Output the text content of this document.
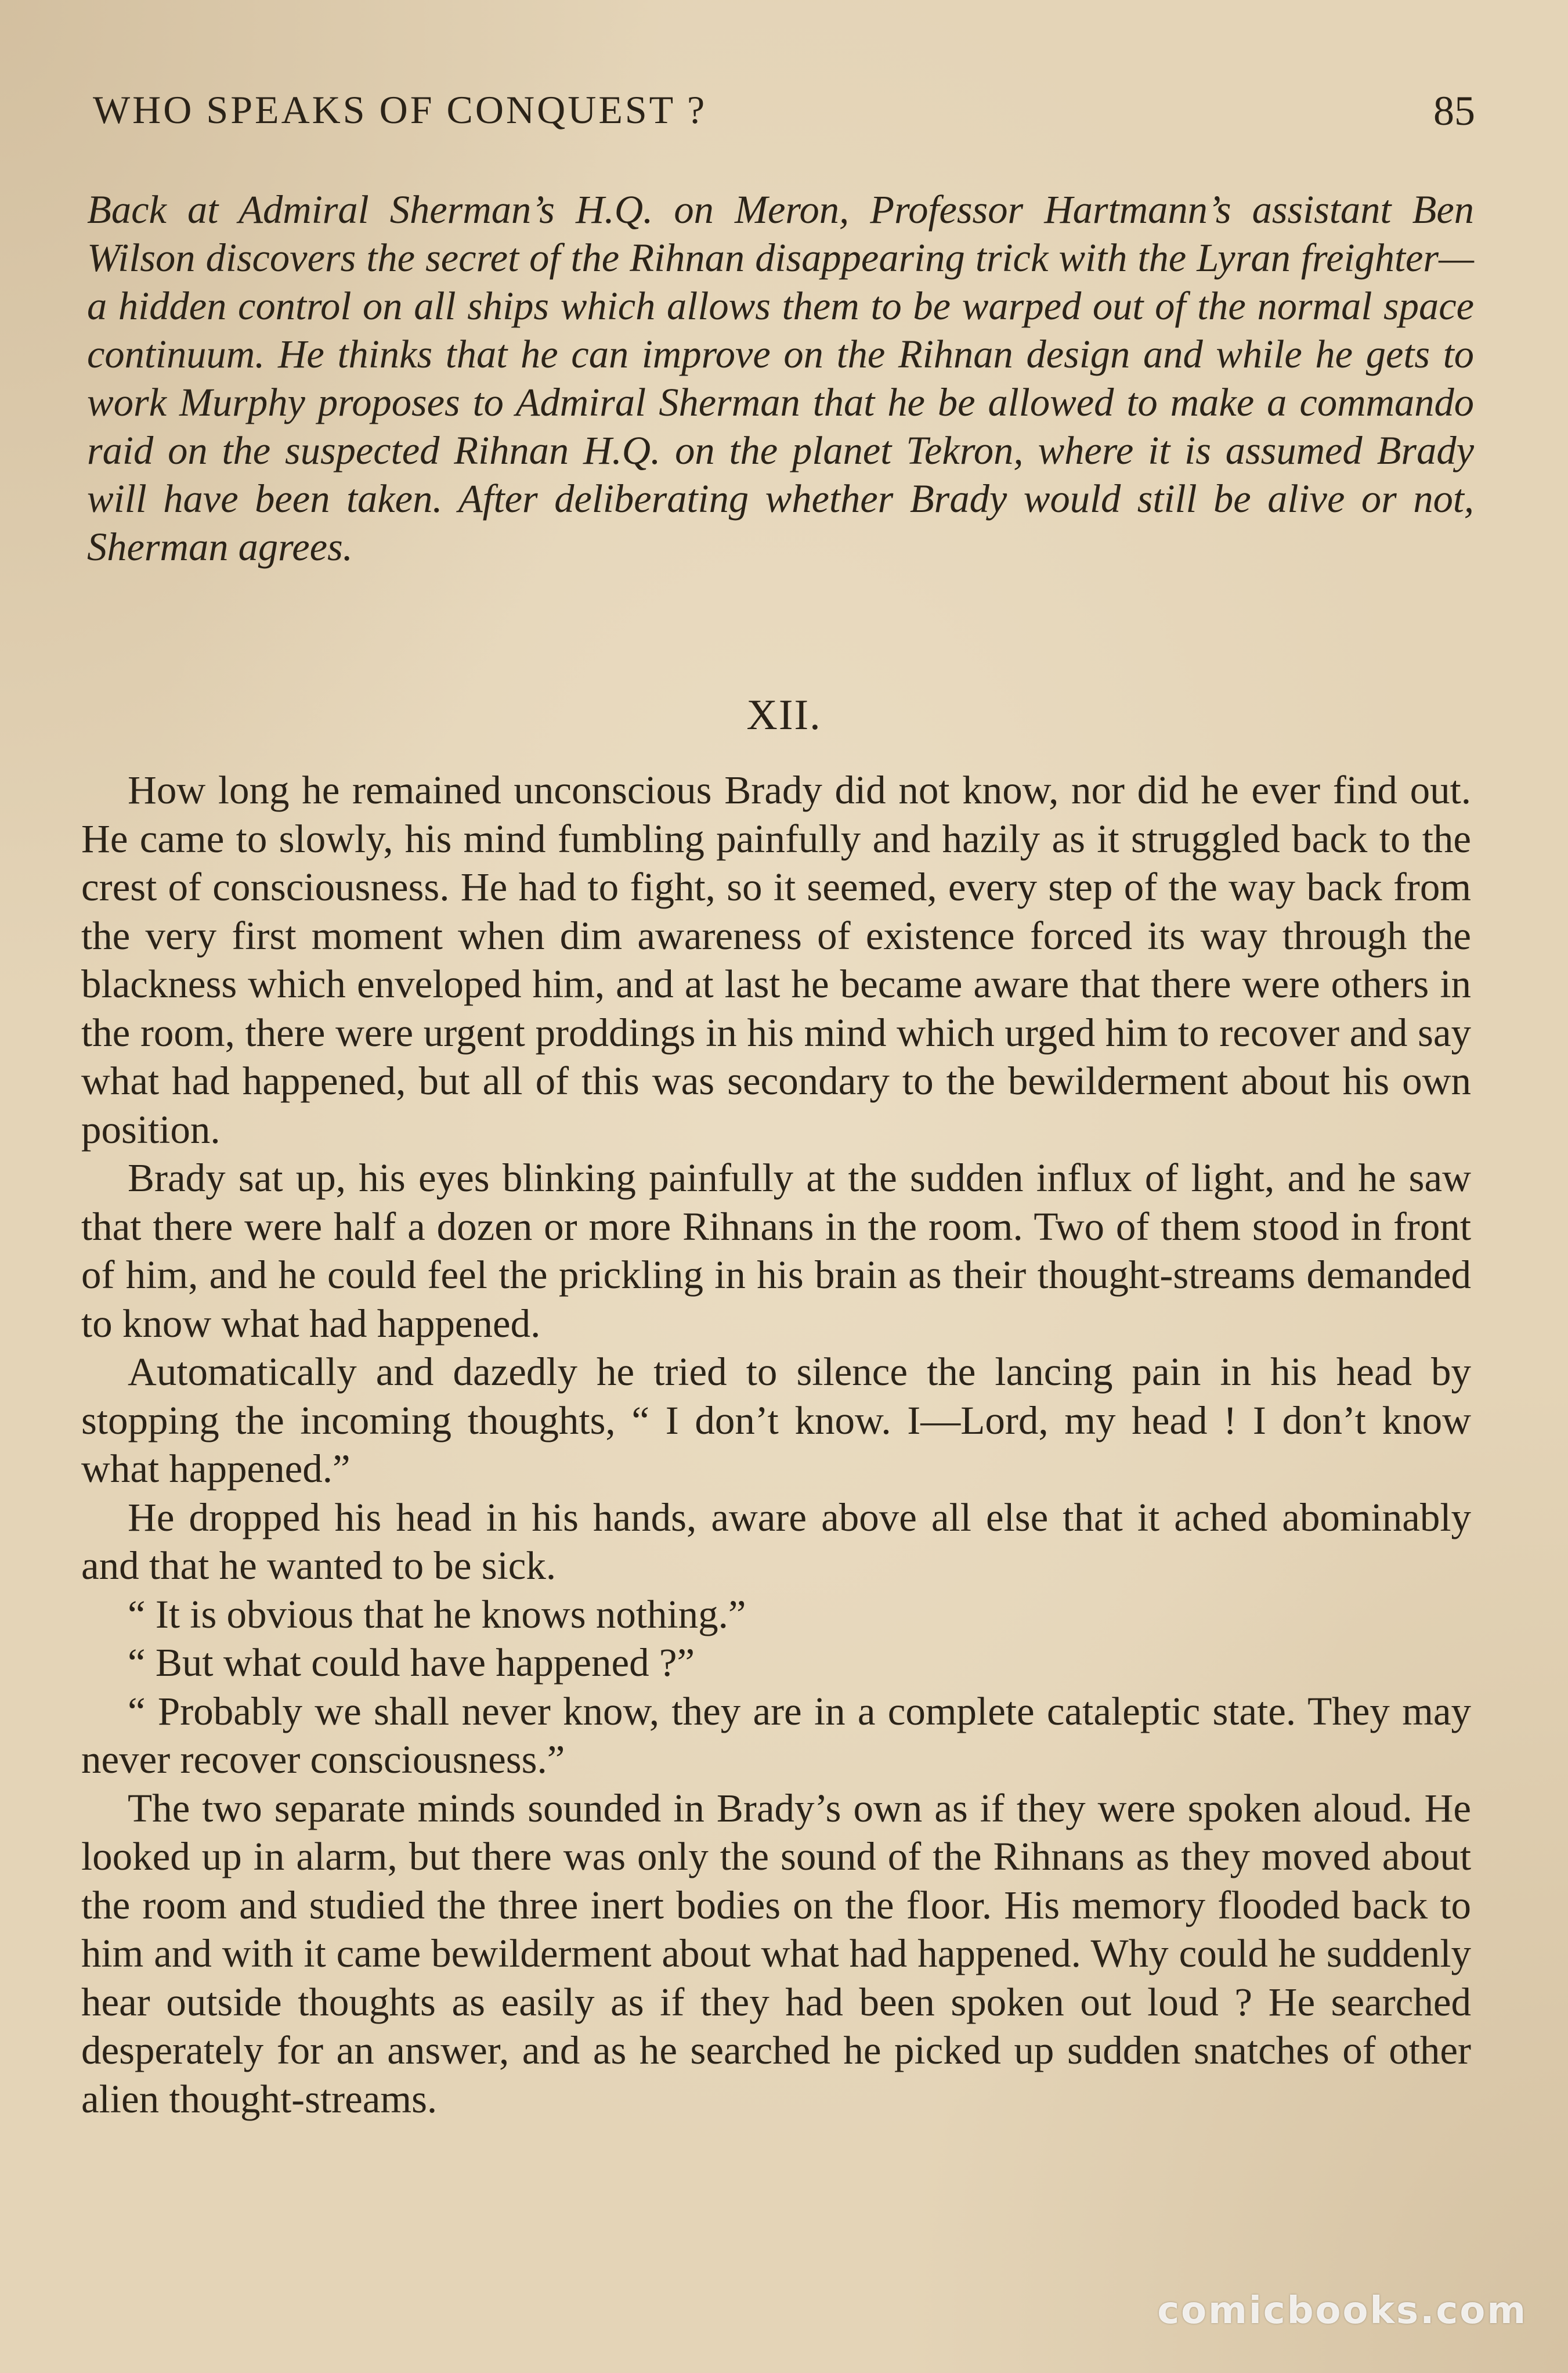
WHO SPEAKS OF CONQUEST ?	85

Back at Admiral Sherman’s H.Q. on Meron, Professor Hartmann’s assistant Ben Wilson discovers the secret of the Rihnan disappearing trick with the Lyran freighter—a hidden control on all ships which allows them to be warped out of the normal space continuum. He thinks that he can improve on the Rihnan design and while he gets to work Murphy proposes to Admiral Sherman that he be allowed to make a commando raid on the suspected Rihnan H.Q. on the planet Tekron, where it is assumed Brady will have been taken. After deliberating whether Brady would still be alive or not, Sherman agrees.

XII.

How long he remained unconscious Brady did not know, nor did he ever find out. He came to slowly, his mind fumbling painfully and hazily as it struggled back to the crest of consciousness. He had to fight, so it seemed, every step of the way back from the very first moment when dim awareness of existence forced its way through the blackness which enveloped him, and at last he became aware that there were others in the room, there were urgent proddings in his mind which urged him to recover and say what had happened, but all of this was secondary to the bewilderment about his own position.

Brady sat up, his eyes blinking painfully at the sudden influx of light, and he saw that there were half a dozen or more Rihnans in the room. Two of them stood in front of him, and he could feel the prickling in his brain as their thought-streams demanded to know what had happened.

Automatically and dazedly he tried to silence the lancing pain in his head by stopping the incoming thoughts, “ I don’t know. I—Lord, my head ! I don’t know what happened.”

He dropped his head in his hands, aware above all else that it ached abominably and that he wanted to be sick.

“ It is obvious that he knows nothing.”

“ But what could have happened ?”

“ Probably we shall never know, they are in a complete cataleptic state. They may never recover consciousness.”

The two separate minds sounded in Brady’s own as if they were spoken aloud. He looked up in alarm, but there was only the sound of the Rihnans as they moved about the room and studied the three inert bodies on the floor. His memory flooded back to him and with it came bewilderment about what had happened. Why could he suddenly hear outside thoughts as easily as if they had been spoken out loud ? He searched desperately for an answer, and as he searched he picked up sudden snatches of other alien thought-streams.

comicbooks.com
